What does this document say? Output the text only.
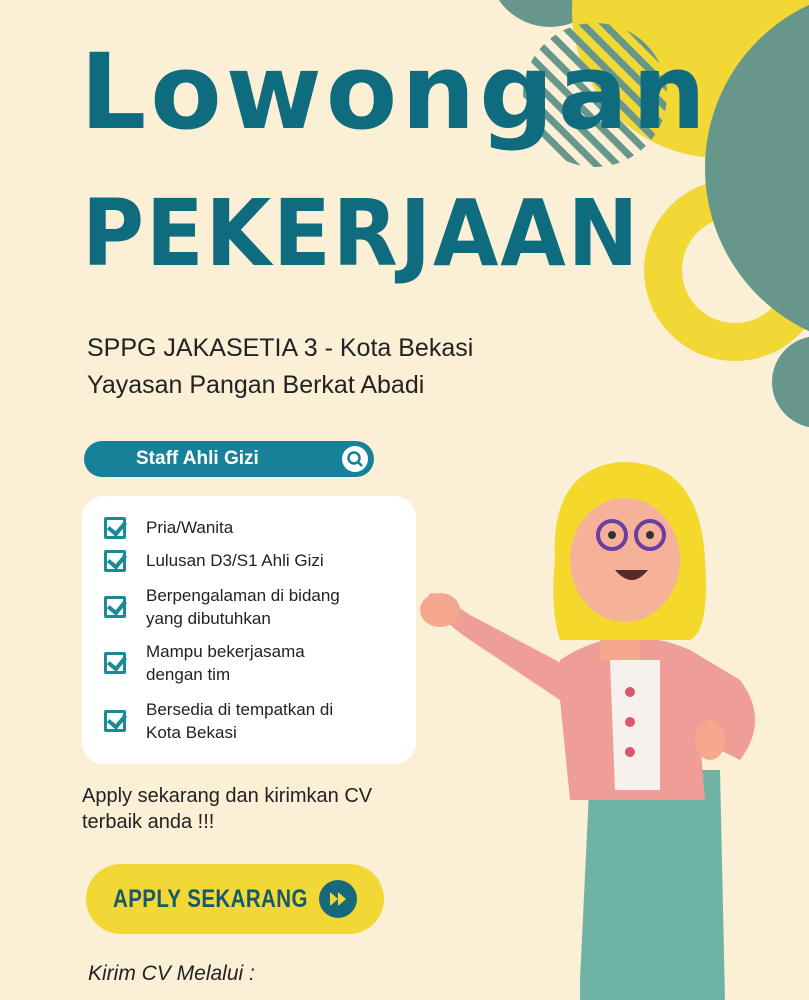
Lowongan
PEKERJAAN
SPPG JAKASETIA 3 - Kota Bekasi
Yayasan Pangan Berkat Abadi
Staff Ahli Gizi
Pria/Wanita
Lulusan D3/S1 Ahli Gizi
Berpengalaman di bidang
yang dibutuhkan
Mampu bekerjasama
dengan tim
Bersedia di tempatkan di
Kota Bekasi
Apply sekarang dan kirimkan CV
terbaik anda !!!
APPLY SEKARANG
Kirim CV Melalui :
